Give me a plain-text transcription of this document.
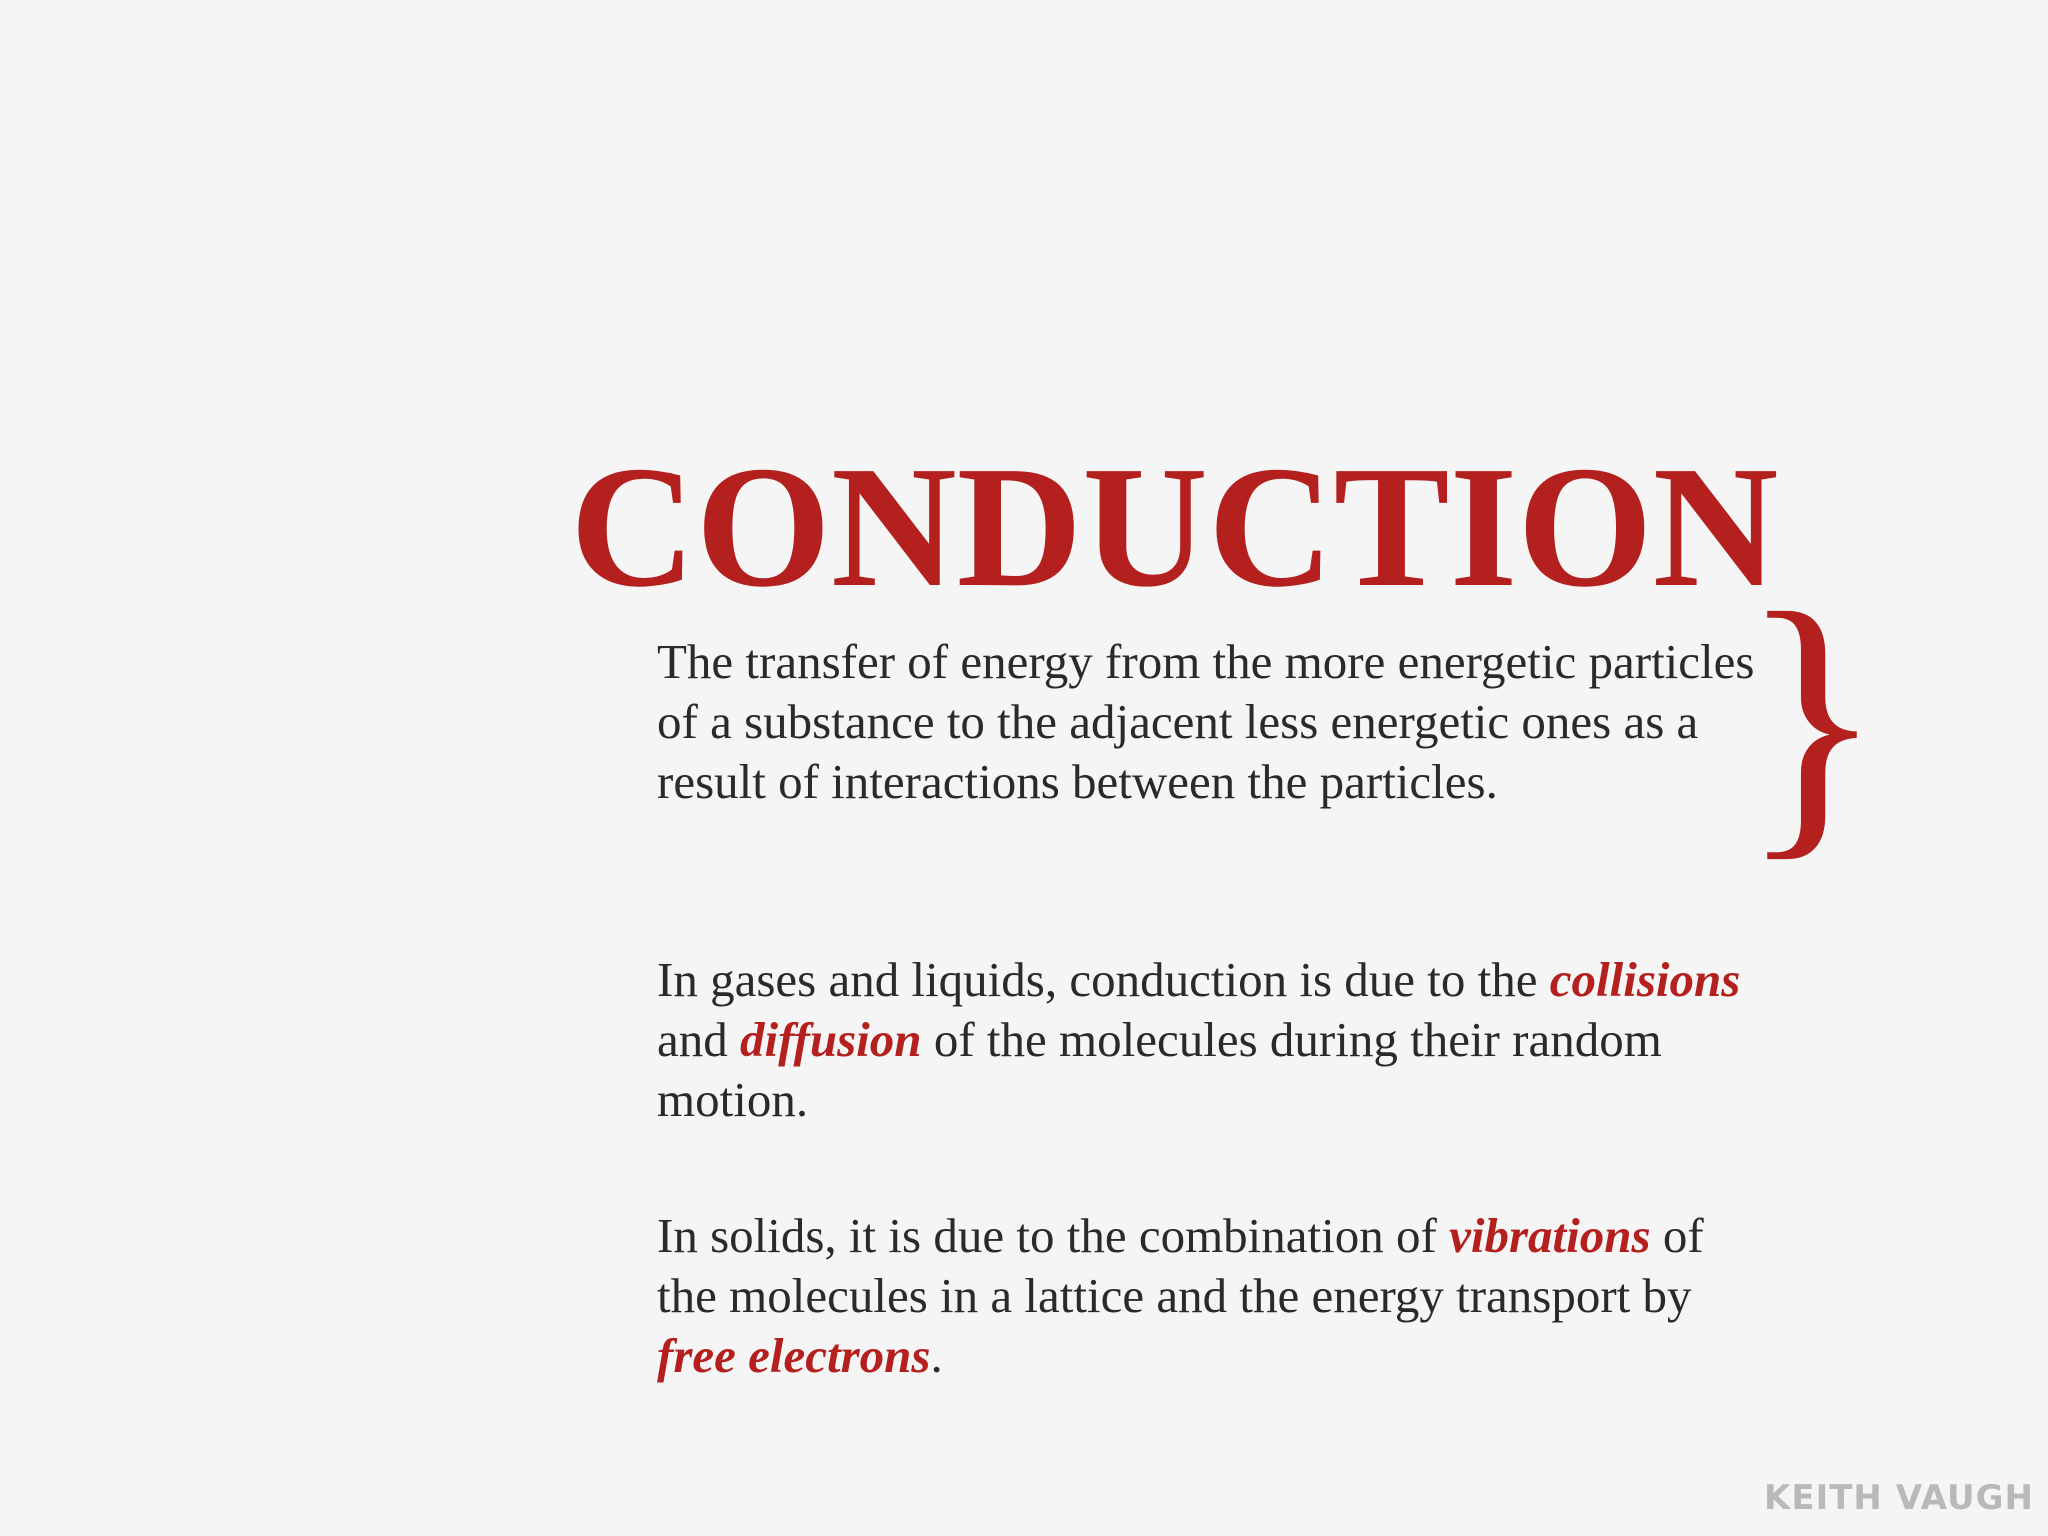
CONDUCTION
}

The transfer of energy from the more energetic particles of a substance to the adjacent less energetic ones as a result of interactions between the particles.

In gases and liquids, conduction is due to the collisions and diffusion of the molecules during their random motion.

In solids, it is due to the combination of vibrations of the molecules in a lattice and the energy transport by free electrons.

KEITH VAUGH
